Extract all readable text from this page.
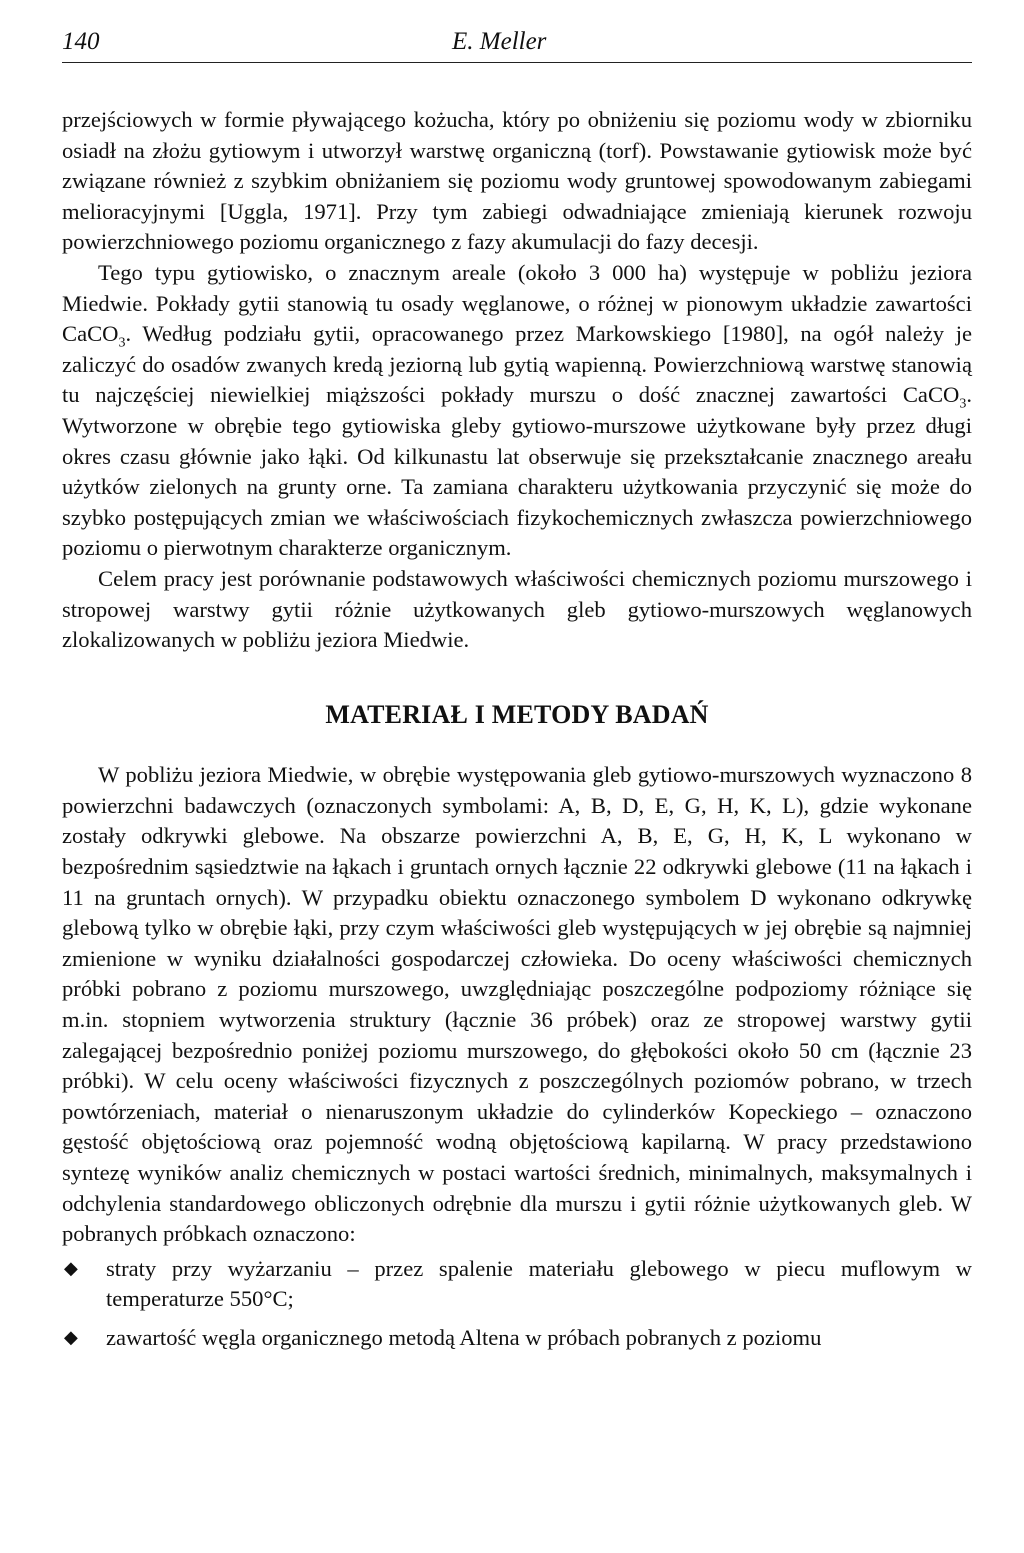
140	E. Meller

przejściowych w formie pływającego kożucha, który po obniżeniu się poziomu wody w zbiorniku osiadł na złożu gytiowym i utworzył warstwę organiczną (torf). Powstawanie gytiowisk może być związane również z szybkim obniżaniem się poziomu wody gruntowej spowodowanym zabiegami melioracyjnymi [Uggla, 1971]. Przy tym zabiegi odwadniające zmieniają kierunek rozwoju powierzchniowego poziomu organicznego z fazy akumulacji do fazy decesji.

Tego typu gytiowisko, o znacznym areale (około 3 000 ha) występuje w pobliżu jeziora Miedwie. Pokłady gytii stanowią tu osady węglanowe, o różnej w pionowym układzie zawartości CaCO$_3$. Według podziału gytii, opracowanego przez Markowskiego [1980], na ogół należy je zaliczyć do osadów zwanych kredą jeziorną lub gytią wapienną. Powierzchniową warstwę stanowią tu najczęściej niewielkiej miąższości pokłady murszu o dość znacznej zawartości CaCO$_3$. Wytworzone w obrębie tego gytiowiska gleby gytiowo-murszowe użytkowane były przez długi okres czasu głównie jako łąki. Od kilkunastu lat obserwuje się przekształcanie znacznego areału użytków zielonych na grunty orne. Ta zamiana charakteru użytkowania przyczynić się może do szybko postępujących zmian we właściwościach fizykochemicznych zwłaszcza powierzchniowego poziomu o pierwotnym charakterze organicznym.

Celem pracy jest porównanie podstawowych właściwości chemicznych poziomu murszowego i stropowej warstwy gytii różnie użytkowanych gleb gytiowo-murszowych węglanowych zlokalizowanych w pobliżu jeziora Miedwie.

MATERIAŁ I METODY BADAŃ

W pobliżu jeziora Miedwie, w obrębie występowania gleb gytiowo-murszowych wyznaczono 8 powierzchni badawczych (oznaczonych symbolami: A, B, D, E, G, H, K, L), gdzie wykonane zostały odkrywki glebowe. Na obszarze powierzchni A, B, E, G, H, K, L wykonano w bezpośrednim sąsiedztwie na łąkach i gruntach ornych łącznie 22 odkrywki glebowe (11 na łąkach i 11 na gruntach ornych). W przypadku obiektu oznaczonego symbolem D wykonano odkrywkę glebową tylko w obrębie łąki, przy czym właściwości gleb występujących w jej obrębie są najmniej zmienione w wyniku działalności gospodarczej człowieka. Do oceny właściwości chemicznych próbki pobrano z poziomu murszowego, uwzględniając poszczególne podpoziomy różniące się m.in. stopniem wytworzenia struktury (łącznie 36 próbek) oraz ze stropowej warstwy gytii zalegającej bezpośrednio poniżej poziomu murszowego, do głębokości około 50 cm (łącznie 23 próbki). W celu oceny właściwości fizycznych z poszczególnych poziomów pobrano, w trzech powtórzeniach, materiał o nienaruszonym układzie do cylinderków Kopeckiego – oznaczono gęstość objętościową oraz pojemność wodną objętościową kapilarną. W pracy przedstawiono syntezę wyników analiz chemicznych w postaci wartości średnich, minimalnych, maksymalnych i odchylenia standardowego obliczonych odrębnie dla murszu i gytii różnie użytkowanych gleb. W pobranych próbkach oznaczono:

◆ straty przy wyżarzaniu – przez spalenie materiału glebowego w piecu muflowym w temperaturze 550°C;
◆ zawartość węgla organicznego metodą Altena w próbach pobranych z poziomu
